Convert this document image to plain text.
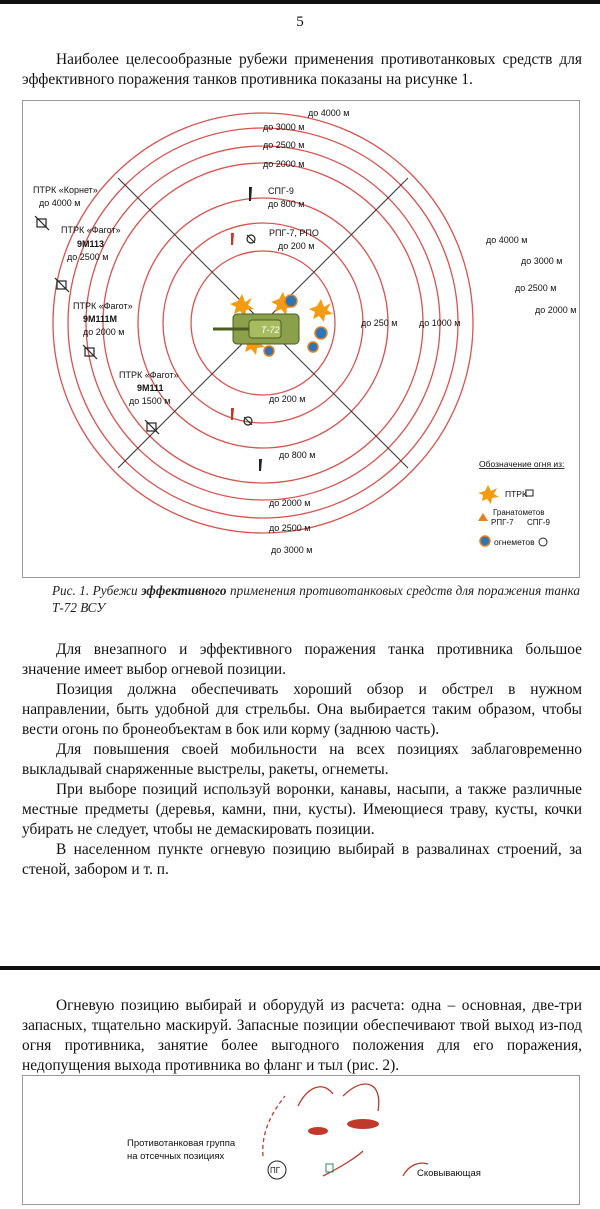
5

Наиболее целесообразные рубежи применения противотанковых средств для эффективного поражения танков противника показаны на рисунке 1.

до 4000 м
до 3000 м
до 2500 м
до 2000 м
СПГ-9
до 800 м
РПГ-7, РПО
до 200 м
до 4000 м
до 3000 м
до 2500 м
до 2000 м
до 250 м до 1000 м
ПТРК «Корнет»
до 4000 м
ПТРК «Фагот»
9М113
до 2500 м
ПТРК «Фагот»
9М111М
до 2000 м
ПТРК «Фагот»
9М111
до 1500 м
Т-72
до 200 м
до 800 м
до 2000 м
до 2500 м
до 3000 м
Обозначение огня из:
ПТРК
Гранатометов
РПГ-7 СПГ-9
огнеметов
Рис. 1. Рубежи эффективного применения противотанковых средств для поражения танка Т-72 ВСУ

Для внезапного и эффективного поражения танка противника большое значение имеет выбор огневой позиции.

Позиция должна обеспечивать хороший обзор и обстрел в нужном направлении, быть удобной для стрельбы. Она выбирается таким образом, чтобы вести огонь по бронеобъектам в бок или корму (заднюю часть).

Для повышения своей мобильности на всех позициях заблаговременно выкладывай снаряженные выстрелы, ракеты, огнеметы.

При выборе позиций используй воронки, канавы, насыпи, а также различные местные предметы (деревья, камни, пни, кусты). Имеющиеся траву, кусты, кочки убирать не следует, чтобы не демаскировать позиции.

В населенном пункте огневую позицию выбирай в развалинах строений, за стеной, забором и т. п.

Огневую позицию выбирай и оборудуй из расчета: одна – основная, две-три запасных, тщательно маскируй. Запасные позиции обеспечивают твой выход из-под огня противника, занятие более выгодного положения для его поражения, недопущения выхода противника во фланг и тыл (рис. 2).

Противотанковая группа
на отсечных позициях
ПГ	Сковывающая
